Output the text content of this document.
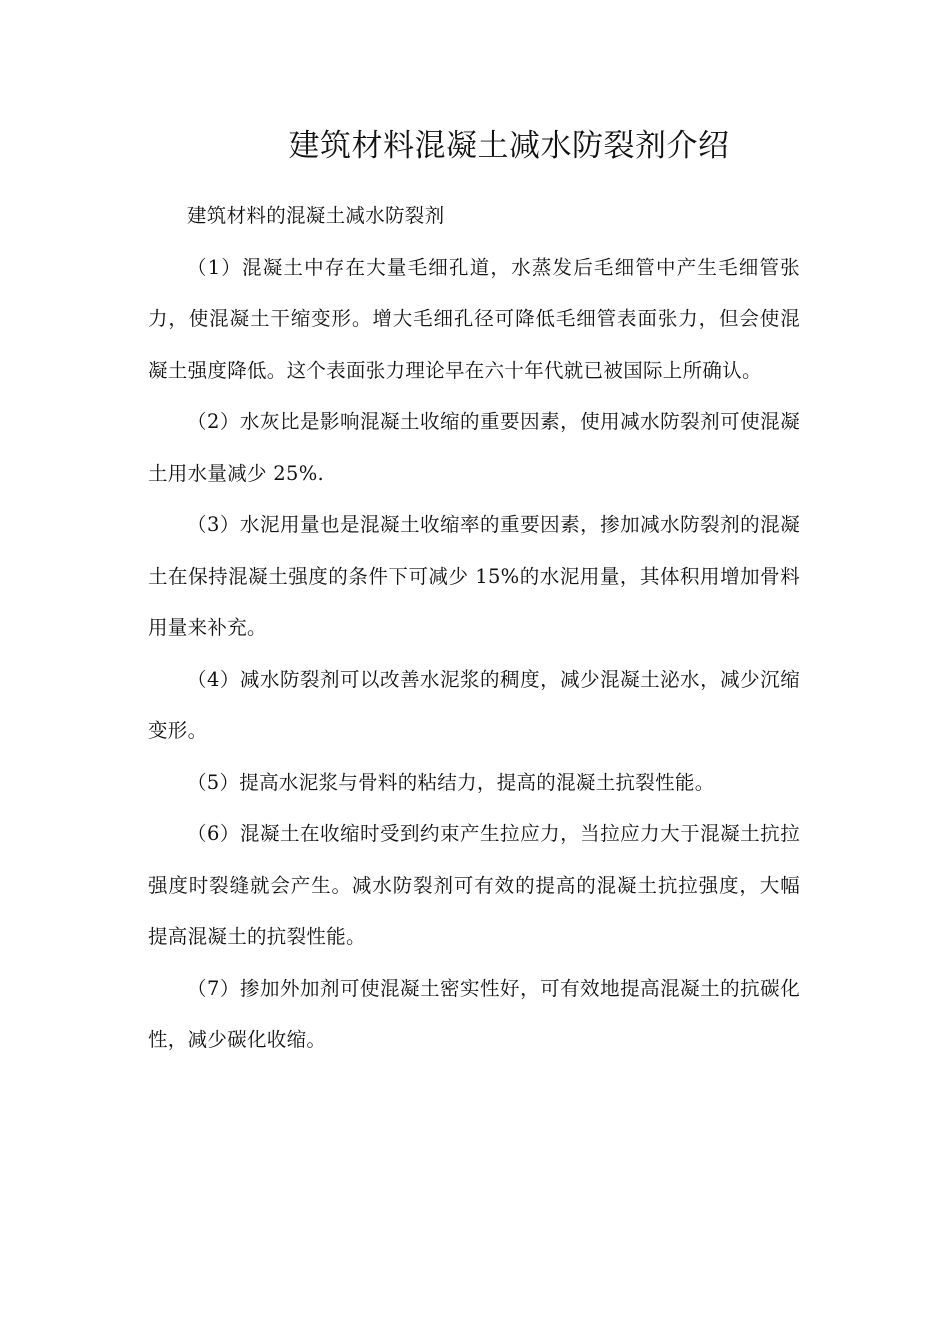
建筑材料混凝土减水防裂剂介绍

建筑材料的混凝土减水防裂剂

（1）混凝土中存在大量毛细孔道，水蒸发后毛细管中产生毛细管张力，使混凝土干缩变形。增大毛细孔径可降低毛细管表面张力，但会使混凝土强度降低。这个表面张力理论早在六十年代就已被国际上所确认。

（2）水灰比是影响混凝土收缩的重要因素，使用减水防裂剂可使混凝土用水量减少 25%.

（3）水泥用量也是混凝土收缩率的重要因素，掺加减水防裂剂的混凝土在保持混凝土强度的条件下可减少 15%的水泥用量，其体积用增加骨料用量来补充。

（4）减水防裂剂可以改善水泥浆的稠度，减少混凝土泌水，减少沉缩变形。

（5）提高水泥浆与骨料的粘结力，提高的混凝土抗裂性能。

（6）混凝土在收缩时受到约束产生拉应力，当拉应力大于混凝土抗拉强度时裂缝就会产生。减水防裂剂可有效的提高的混凝土抗拉强度，大幅提高混凝土的抗裂性能。

（7）掺加外加剂可使混凝土密实性好，可有效地提高混凝土的抗碳化性，减少碳化收缩。
